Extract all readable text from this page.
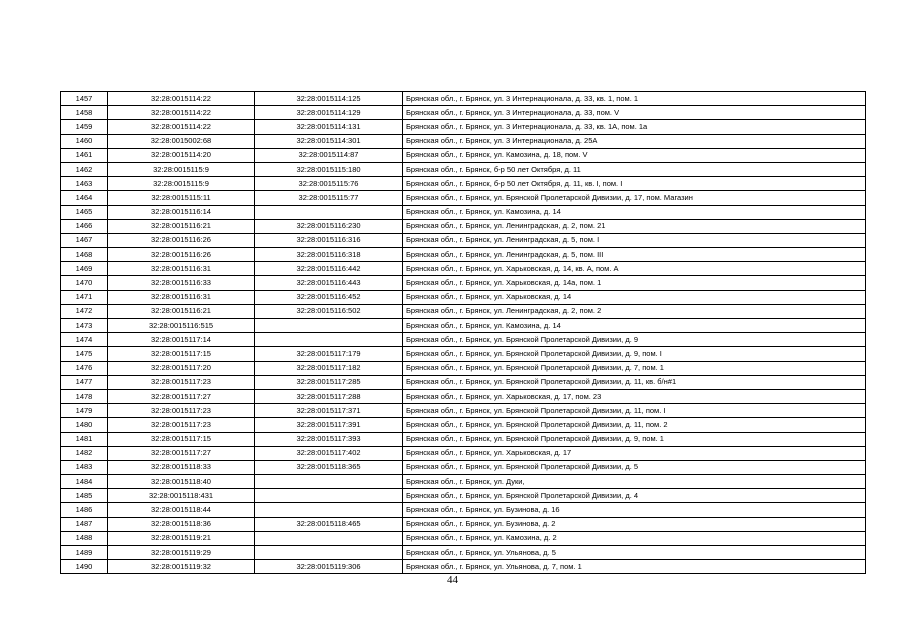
1457	32:28:0015114:22	32:28:0015114:125	Брянская обл., г. Брянск, ул. 3 Интернационала, д. 33, кв. 1, пом. 1
1458	32:28:0015114:22	32:28:0015114:129	Брянская обл., г. Брянск, ул. 3 Интернационала, д. 33, пом. V
1459	32:28:0015114:22	32:28:0015114:131	Брянская обл., г. Брянск, ул. 3 Интернационала, д. 33, кв. 1А, пом. 1а
1460	32:28:0015002:68	32:28:0015114:301	Брянская обл., г. Брянск, ул. 3 Интернационала, д. 25А
1461	32:28:0015114:20	32:28:0015114:87	Брянская обл., г. Брянск, ул. Камозина, д. 18, пом. V
1462	32:28:0015115:9	32:28:0015115:180	Брянская обл., г. Брянск, б-р 50 лет Октября, д. 11
1463	32:28:0015115:9	32:28:0015115:76	Брянская обл., г. Брянск, б-р 50 лет Октября, д. 11, кв. I, пом. I
1464	32:28:0015115:11	32:28:0015115:77	Брянская обл., г. Брянск, ул. Брянской Пролетарской Дивизии, д. 17, пом. Магазин
1465	32:28:0015116:14		Брянская обл., г. Брянск, ул. Камозина, д. 14
1466	32:28:0015116:21	32:28:0015116:230	Брянская обл., г. Брянск, ул. Ленинградская, д. 2, пом. 21
1467	32:28:0015116:26	32:28:0015116:316	Брянская обл., г. Брянск, ул. Ленинградская, д. 5, пом. I
1468	32:28:0015116:26	32:28:0015116:318	Брянская обл., г. Брянск, ул. Ленинградская, д. 5, пом. III
1469	32:28:0015116:31	32:28:0015116:442	Брянская обл., г. Брянск, ул. Харьковская, д. 14, кв. А, пом. А
1470	32:28:0015116:33	32:28:0015116:443	Брянская обл., г. Брянск, ул. Харьковская, д. 14а, пом. 1
1471	32:28:0015116:31	32:28:0015116:452	Брянская обл., г. Брянск, ул. Харьковская, д. 14
1472	32:28:0015116:21	32:28:0015116:502	Брянская обл., г. Брянск, ул. Ленинградская, д. 2, пом. 2
1473	32:28:0015116:515		Брянская обл., г. Брянск, ул. Камозина, д. 14
1474	32:28:0015117:14		Брянская обл., г. Брянск, ул. Брянской Пролетарской Дивизии, д. 9
1475	32:28:0015117:15	32:28:0015117:179	Брянская обл., г. Брянск, ул. Брянской Пролетарской Дивизии, д. 9, пом. I
1476	32:28:0015117:20	32:28:0015117:182	Брянская обл., г. Брянск, ул. Брянской Пролетарской Дивизии, д. 7, пом. 1
1477	32:28:0015117:23	32:28:0015117:285	Брянская обл., г. Брянск, ул. Брянской Пролетарской Дивизии, д. 11, кв. б/н#1
1478	32:28:0015117:27	32:28:0015117:288	Брянская обл., г. Брянск, ул. Харьковская, д. 17, пом. 23
1479	32:28:0015117:23	32:28:0015117:371	Брянская обл., г. Брянск, ул. Брянской Пролетарской Дивизии, д. 11, пом. I
1480	32:28:0015117:23	32:28:0015117:391	Брянская обл., г. Брянск, ул. Брянской Пролетарской Дивизии, д. 11, пом. 2
1481	32:28:0015117:15	32:28:0015117:393	Брянская обл., г. Брянск, ул. Брянской Пролетарской Дивизии, д. 9, пом. 1
1482	32:28:0015117:27	32:28:0015117:402	Брянская обл., г. Брянск, ул. Харьковская, д. 17
1483	32:28:0015118:33	32:28:0015118:365	Брянская обл., г. Брянск, ул. Брянской Пролетарской Дивизии, д. 5
1484	32:28:0015118:40		Брянская обл., г. Брянск, ул. Дуки,
1485	32:28:0015118:431		Брянская обл., г. Брянск, ул. Брянской Пролетарской Дивизии, д. 4
1486	32:28:0015118:44		Брянская обл., г. Брянск, ул. Бузинова, д. 16
1487	32:28:0015118:36	32:28:0015118:465	Брянская обл., г. Брянск, ул. Бузинова, д. 2
1488	32:28:0015119:21		Брянская обл., г. Брянск, ул. Камозина, д. 2
1489	32:28:0015119:29		Брянская обл., г. Брянск, ул. Ульянова, д. 5
1490	32:28:0015119:32	32:28:0015119:306	Брянская обл., г. Брянск, ул. Ульянова, д. 7, пом. 1
44
